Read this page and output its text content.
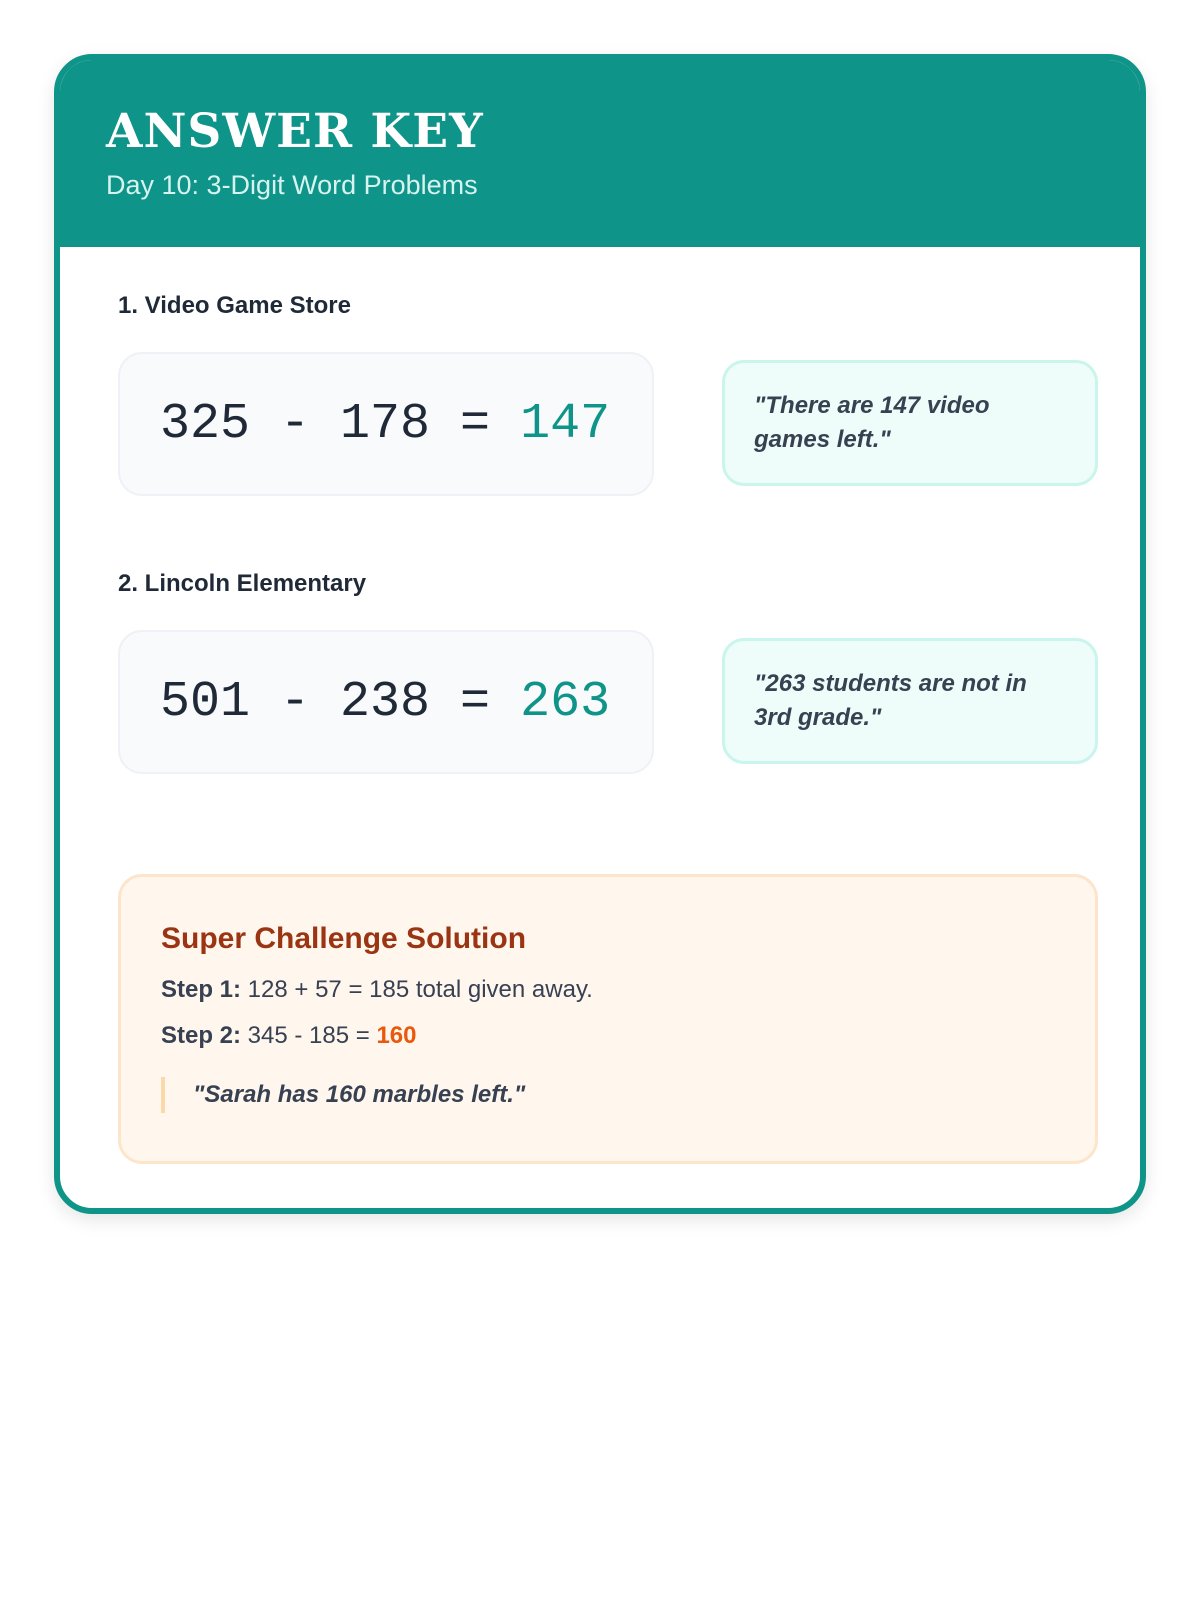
ANSWER KEY

Day 10: 3-Digit Word Problems

1. Video Game Store
325 - 178 = 147	"There are 147 video games left."
2. Lincoln Elementary
501 - 238 = 263	"263 students are not in 3rd grade."
Super Challenge Solution

Step 1: 128 + 57 = 185 total given away.

Step 2: 345 - 185 = 160

"Sarah has 160 marbles left."
